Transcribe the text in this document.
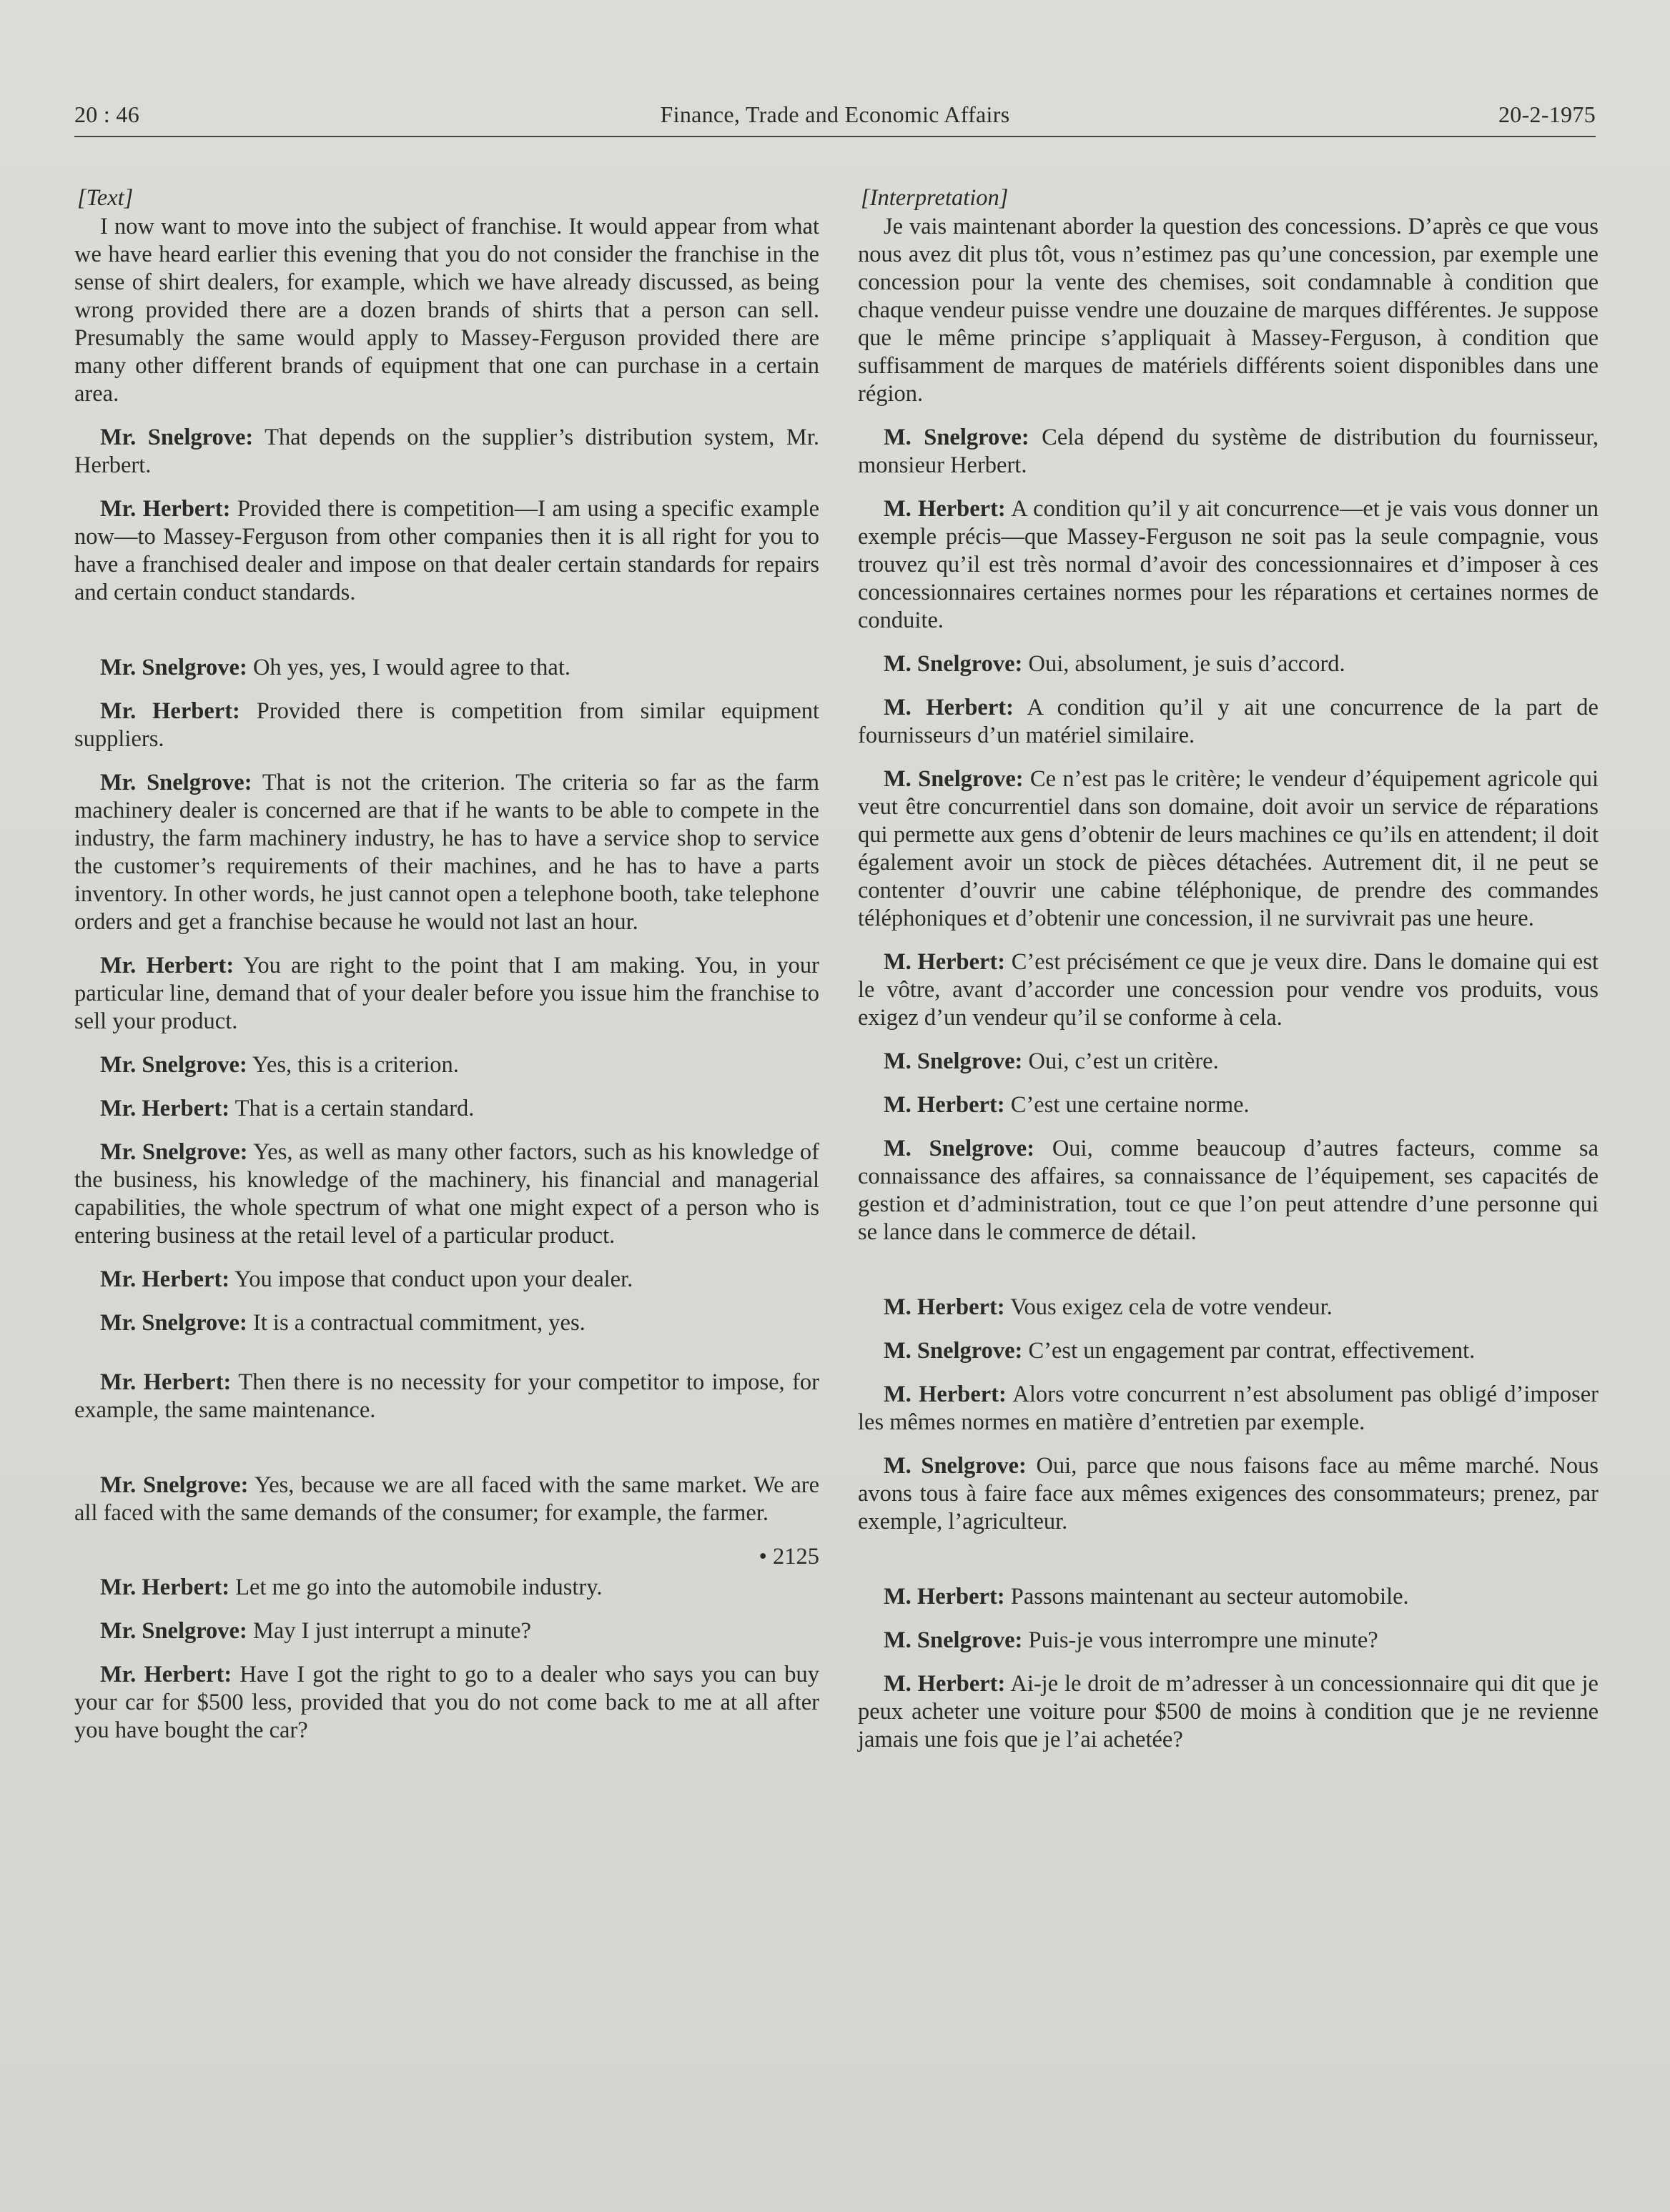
20 : 46	Finance, Trade and Economic Affairs	20-2-1975
[Text]
I now want to move into the subject of franchise. It would appear from what we have heard earlier this evening that you do not consider the franchise in the sense of shirt dealers, for example, which we have already discussed, as being wrong provided there are a dozen brands of shirts that a person can sell. Presumably the same would apply to Massey-Ferguson provided there are many other different brands of equipment that one can purchase in a certain area.
Mr. Snelgrove: That depends on the supplier’s distribution system, Mr. Herbert.
Mr. Herbert: Provided there is competition—I am using a specific example now—to Massey-Ferguson from other companies then it is all right for you to have a franchised dealer and impose on that dealer certain standards for repairs and certain conduct standards.
Mr. Snelgrove: Oh yes, yes, I would agree to that.
Mr. Herbert: Provided there is competition from similar equipment suppliers.
Mr. Snelgrove: That is not the criterion. The criteria so far as the farm machinery dealer is concerned are that if he wants to be able to compete in the industry, the farm machinery industry, he has to have a service shop to service the customer’s requirements of their machines, and he has to have a parts inventory. In other words, he just cannot open a telephone booth, take telephone orders and get a franchise because he would not last an hour.
Mr. Herbert: You are right to the point that I am making. You, in your particular line, demand that of your dealer before you issue him the franchise to sell your product.
Mr. Snelgrove: Yes, this is a criterion.
Mr. Herbert: That is a certain standard.
Mr. Snelgrove: Yes, as well as many other factors, such as his knowledge of the business, his knowledge of the machinery, his financial and managerial capabilities, the whole spectrum of what one might expect of a person who is entering business at the retail level of a particular product.
Mr. Herbert: You impose that conduct upon your dealer.
Mr. Snelgrove: It is a contractual commitment, yes.
Mr. Herbert: Then there is no necessity for your competitor to impose, for example, the same maintenance.
Mr. Snelgrove: Yes, because we are all faced with the same market. We are all faced with the same demands of the consumer; for example, the farmer.
• 2125
Mr. Herbert: Let me go into the automobile industry.
Mr. Snelgrove: May I just interrupt a minute?
Mr. Herbert: Have I got the right to go to a dealer who says you can buy your car for $500 less, provided that you do not come back to me at all after you have bought the car?
[Interpretation]
Je vais maintenant aborder la question des concessions. D’après ce que vous nous avez dit plus tôt, vous n’estimez pas qu’une concession, par exemple une concession pour la vente des chemises, soit condamnable à condition que chaque vendeur puisse vendre une douzaine de marques différentes. Je suppose que le même principe s’appliquait à Massey-Ferguson, à condition que suffisamment de marques de matériels différents soient disponibles dans une région.
M. Snelgrove: Cela dépend du système de distribution du fournisseur, monsieur Herbert.
M. Herbert: A condition qu’il y ait concurrence—et je vais vous donner un exemple précis—que Massey-Ferguson ne soit pas la seule compagnie, vous trouvez qu’il est très normal d’avoir des concessionnaires et d’imposer à ces concessionnaires certaines normes pour les réparations et certaines normes de conduite.
M. Snelgrove: Oui, absolument, je suis d’accord.
M. Herbert: A condition qu’il y ait une concurrence de la part de fournisseurs d’un matériel similaire.
M. Snelgrove: Ce n’est pas le critère; le vendeur d’équipement agricole qui veut être concurrentiel dans son domaine, doit avoir un service de réparations qui permette aux gens d’obtenir de leurs machines ce qu’ils en attendent; il doit également avoir un stock de pièces détachées. Autrement dit, il ne peut se contenter d’ouvrir une cabine téléphonique, de prendre des commandes téléphoniques et d’obtenir une concession, il ne survivrait pas une heure.
M. Herbert: C’est précisément ce que je veux dire. Dans le domaine qui est le vôtre, avant d’accorder une concession pour vendre vos produits, vous exigez d’un vendeur qu’il se conforme à cela.
M. Snelgrove: Oui, c’est un critère.
M. Herbert: C’est une certaine norme.
M. Snelgrove: Oui, comme beaucoup d’autres facteurs, comme sa connaissance des affaires, sa connaissance de l’équipement, ses capacités de gestion et d’administration, tout ce que l’on peut attendre d’une personne qui se lance dans le commerce de détail.
M. Herbert: Vous exigez cela de votre vendeur.
M. Snelgrove: C’est un engagement par contrat, effectivement.
M. Herbert: Alors votre concurrent n’est absolument pas obligé d’imposer les mêmes normes en matière d’entretien par exemple.
M. Snelgrove: Oui, parce que nous faisons face au même marché. Nous avons tous à faire face aux mêmes exigences des consommateurs; prenez, par exemple, l’agriculteur.
M. Herbert: Passons maintenant au secteur automobile.
M. Snelgrove: Puis-je vous interrompre une minute?
M. Herbert: Ai-je le droit de m’adresser à un concessionnaire qui dit que je peux acheter une voiture pour $500 de moins à condition que je ne revienne jamais une fois que je l’ai achetée?
